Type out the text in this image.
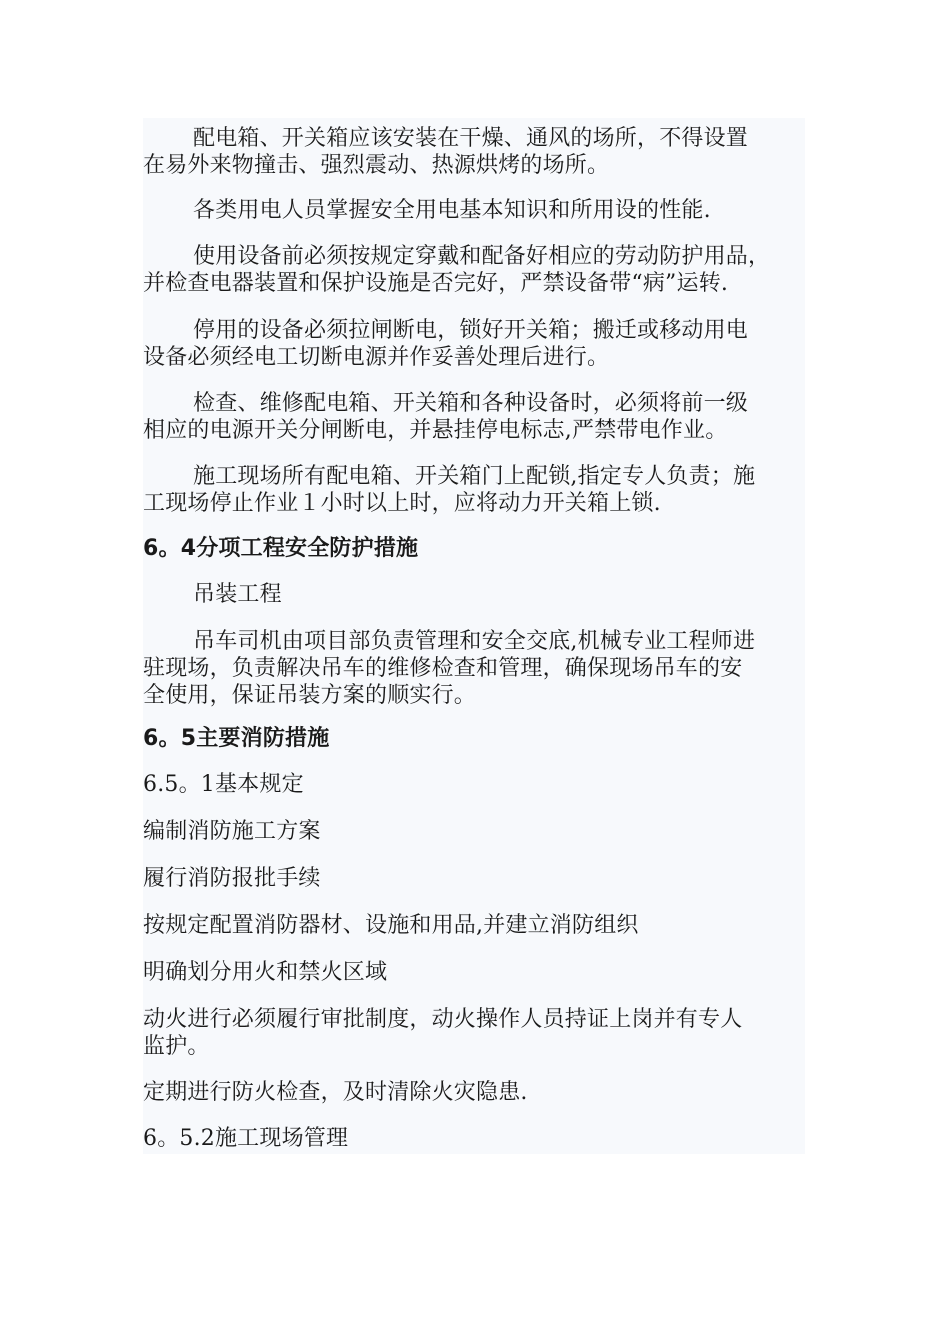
配电箱、开关箱应该安装在干燥、通风的场所，不得设置
在易外来物撞击、强烈震动、热源烘烤的场所。

各类用电人员掌握安全用电基本知识和所用设的性能.

使用设备前必须按规定穿戴和配备好相应的劳动防护用品，
并检查电器装置和保护设施是否完好，严禁设备带“病”运转.

停用的设备必须拉闸断电，锁好开关箱；搬迁或移动用电
设备必须经电工切断电源并作妥善处理后进行。

检查、维修配电箱、开关箱和各种设备时，必须将前一级
相应的电源开关分闸断电，并悬挂停电标志,严禁带电作业。

施工现场所有配电箱、开关箱门上配锁,指定专人负责；施
工现场停止作业１小时以上时，应将动力开关箱上锁.

6。4分项工程安全防护措施

吊装工程

吊车司机由项目部负责管理和安全交底,机械专业工程师进
驻现场，负责解决吊车的维修检查和管理，确保现场吊车的安
全使用，保证吊装方案的顺实行。

6。5主要消防措施

6.5。1基本规定

编制消防施工方案

履行消防报批手续

按规定配置消防器材、设施和用品,并建立消防组织

明确划分用火和禁火区域

动火进行必须履行审批制度，动火操作人员持证上岗并有专人
监护。

定期进行防火检查，及时清除火灾隐患.

6。5.2施工现场管理
